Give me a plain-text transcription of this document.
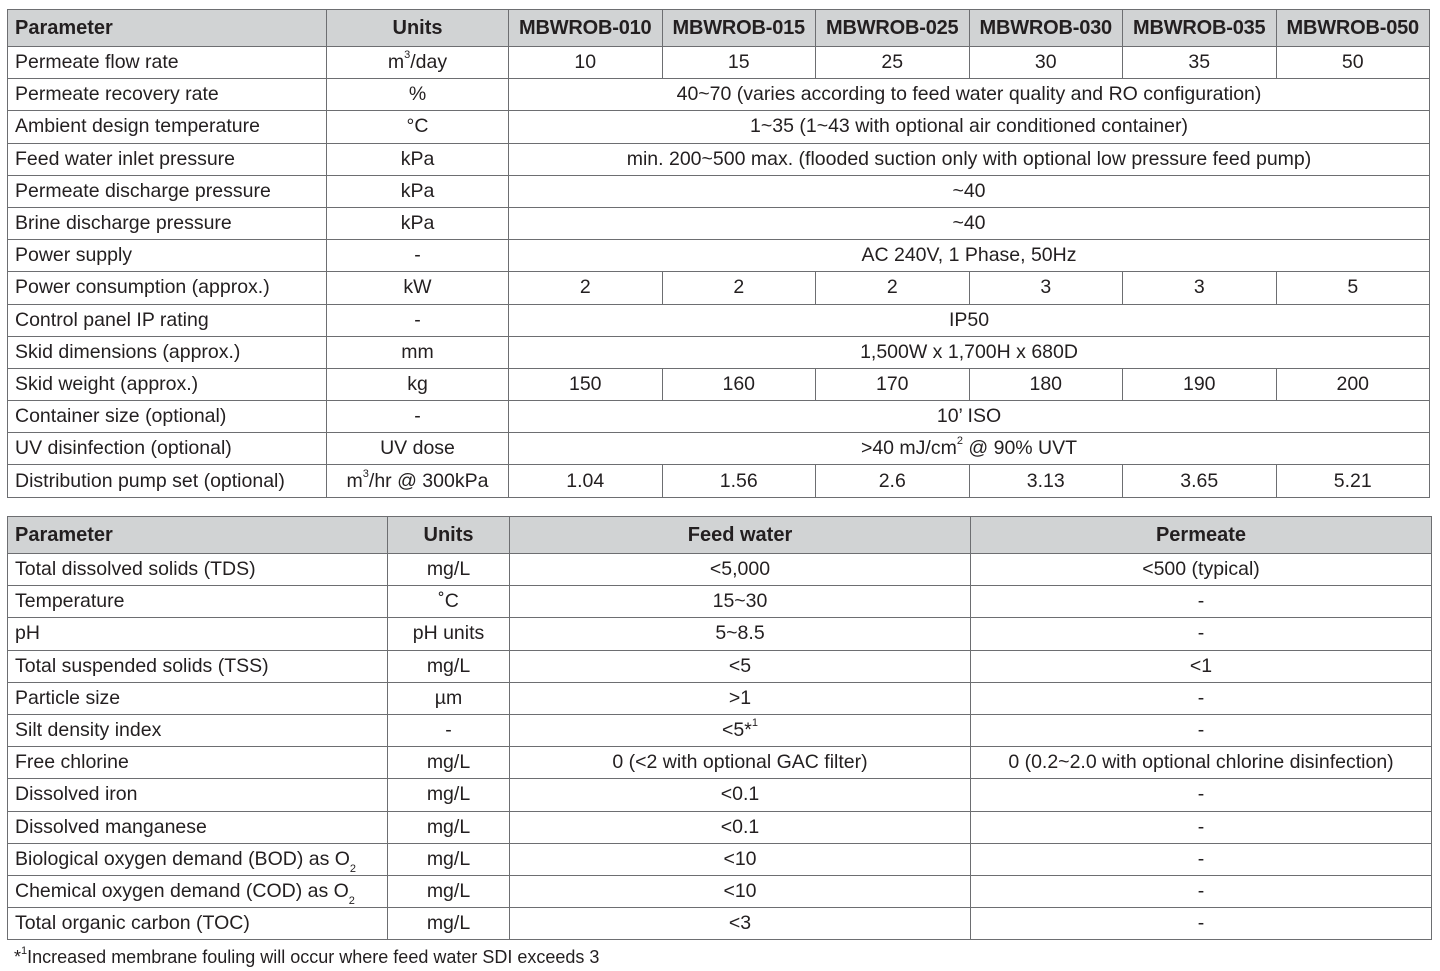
Parameter	Units	MBWROB-010	MBWROB-015	MBWROB-025	MBWROB-030	MBWROB-035	MBWROB-050
Permeate flow rate	$m^3$/day	10	15	25	30	35	50
Permeate recovery rate	%	40~70 (varies according to feed water quality and RO configuration)					
Ambient design temperature	°C	1~35 (1~43 with optional air conditioned container)					
Feed water inlet pressure	kPa	min. 200~500 max. (flooded suction only with optional low pressure feed pump)					
Permeate discharge pressure	kPa	~40					
Brine discharge pressure	kPa	~40					
Power supply	-	AC 240V, 1 Phase, 50Hz					
Power consumption (approx.)	kW	2	2	2	3	3	5
Control panel IP rating	-	IP50					
Skid dimensions (approx.)	mm	1,500W x 1,700H x 680D					
Skid weight (approx.)	kg	150	160	170	180	190	200
Container size (optional)	-	10’ ISO					
UV disinfection (optional)	UV dose	>40 $mJ/cm^2$ @ 90% UVT					
Distribution pump set (optional)	$m^3/hr$ @ 300kPa	1.04	1.56	2.6	3.13	3.65	5.21
Parameter	Units	Feed water	Permeate
Total dissolved solids (TDS)	mg/L	<5,000	<500 (typical)
Temperature	˚C	15~30	-
pH	pH units	5~8.5	-
Total suspended solids (TSS)	mg/L	<5	<1
Particle size	µm	>1	-
Silt density index	-	<5*$^1$	-
Free chlorine	mg/L	0 (<2 with optional GAC filter)	0 (0.2~2.0 with optional chlorine disinfection)
Dissolved iron	mg/L	<0.1	-
Dissolved manganese	mg/L	<0.1	-
Biological oxygen demand (BOD) as $O_2$	mg/L	<10	-
Chemical oxygen demand (COD) as $O_2$	mg/L	<10	-
Total organic carbon (TOC)	mg/L	<3	-
*$^1$Increased membrane fouling will occur where feed water SDI exceeds 3
